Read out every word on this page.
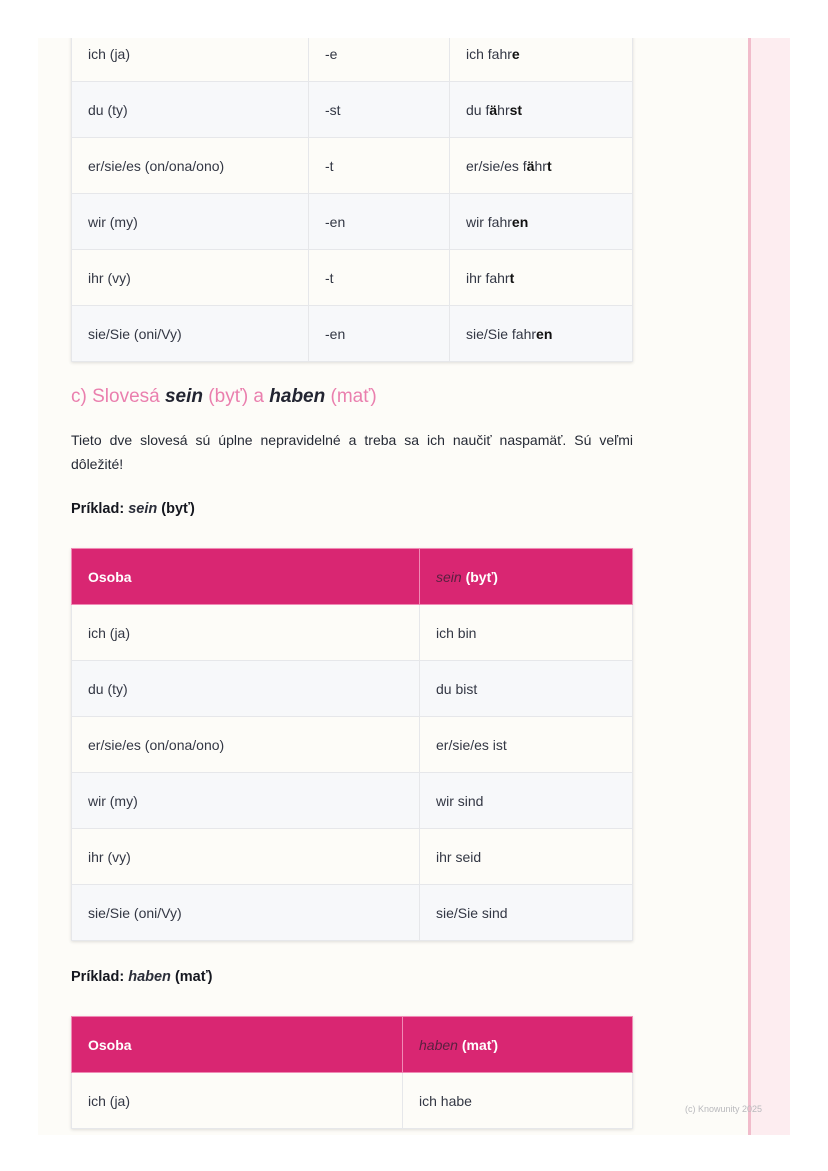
ich (ja)	-e	ich fahre
du (ty)	-st	du fährst
er/sie/es (on/ona/ono)	-t	er/sie/es fährt
wir (my)	-en	wir fahren
ihr (vy)	-t	ihr fahrt
sie/Sie (oni/Vy)	-en	sie/Sie fahren
c) Slovesá sein (byť) a haben (mať)
Tieto dve slovesá sú úplne nepravidelné a treba sa ich naučiť naspamäť. Sú veľmi dôležité!
Príklad: sein (byť)
Osoba	sein (byť)
ich (ja)	ich bin
du (ty)	du bist
er/sie/es (on/ona/ono)	er/sie/es ist
wir (my)	wir sind
ihr (vy)	ihr seid
sie/Sie (oni/Vy)	sie/Sie sind
Príklad: haben (mať)
Osoba	haben (mať)
ich (ja)	ich habe
(c) Knowunity 2025
